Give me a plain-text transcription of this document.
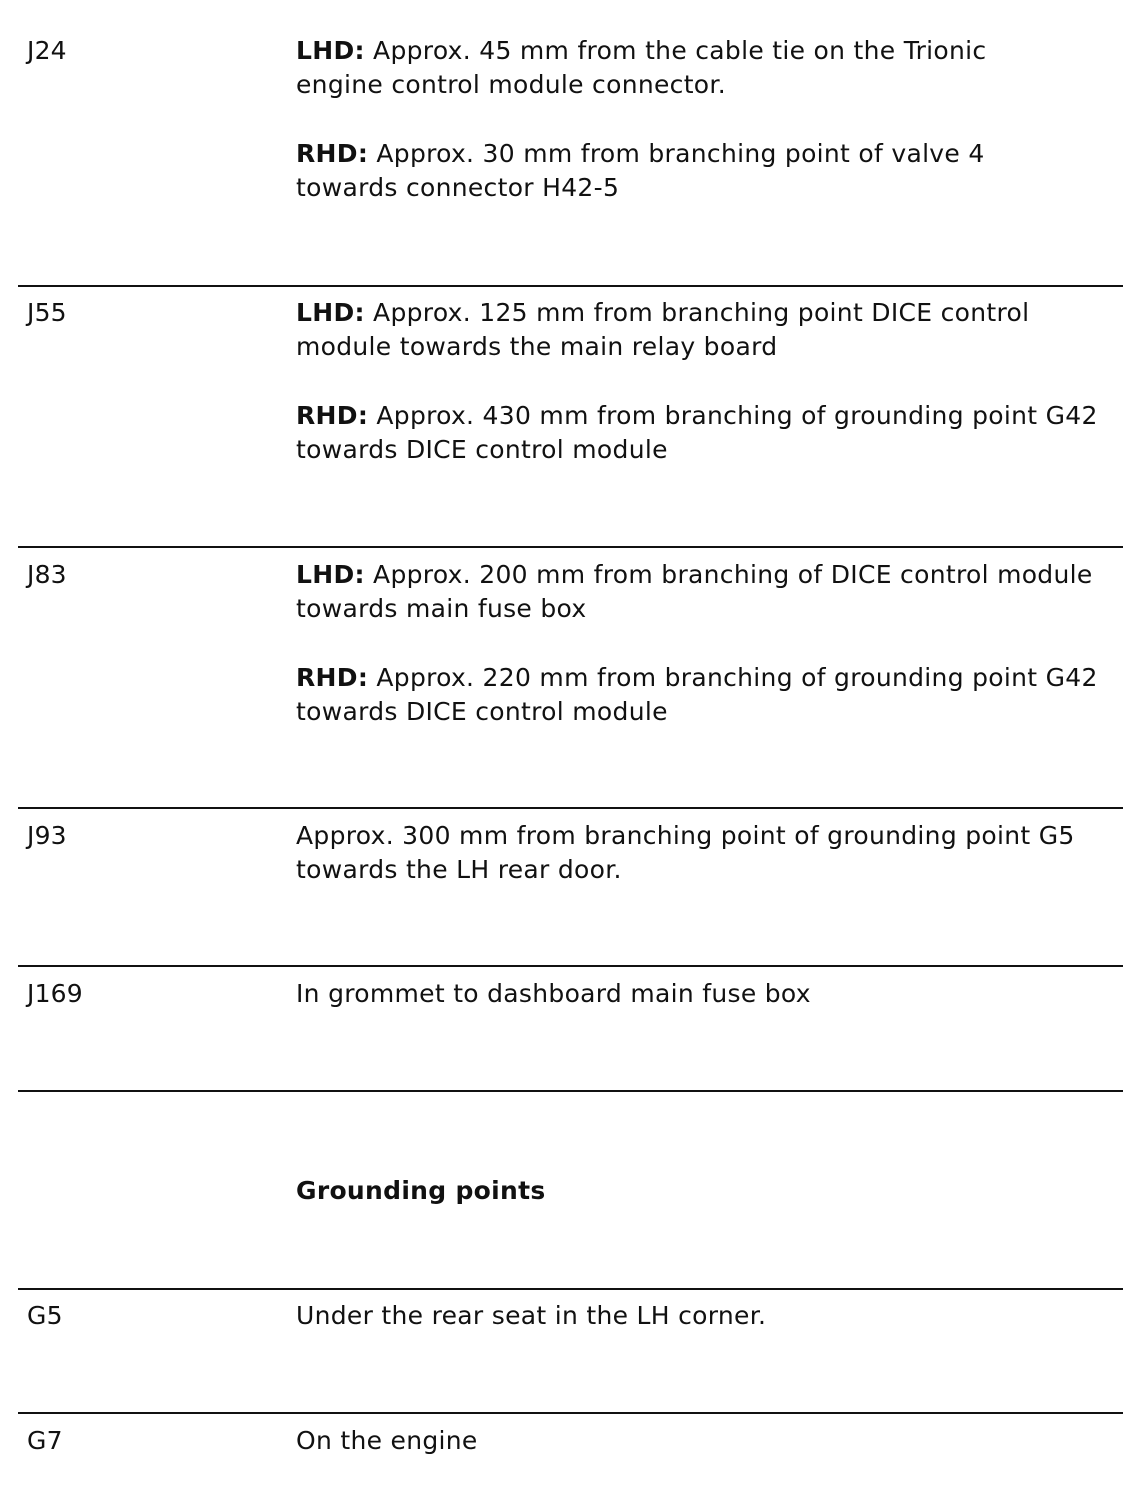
J24	LHD: Approx. 45 mm from the cable tie on the Trionic engine control module connector.

RHD: Approx. 30 mm from branching point of valve 4 towards connector H42-5

J55	LHD: Approx. 125 mm from branching point DICE control module towards the main relay board

RHD: Approx. 430 mm from branching of grounding point G42 towards DICE control module

J83	LHD: Approx. 200 mm from branching of DICE control module towards main fuse box

RHD: Approx. 220 mm from branching of grounding point G42 towards DICE control module

J93	Approx. 300 mm from branching point of grounding point G5 towards the LH rear door.

J169	In grommet to dashboard main fuse box

Grounding points
G5	Under the rear seat in the LH corner.
G7	On the engine
